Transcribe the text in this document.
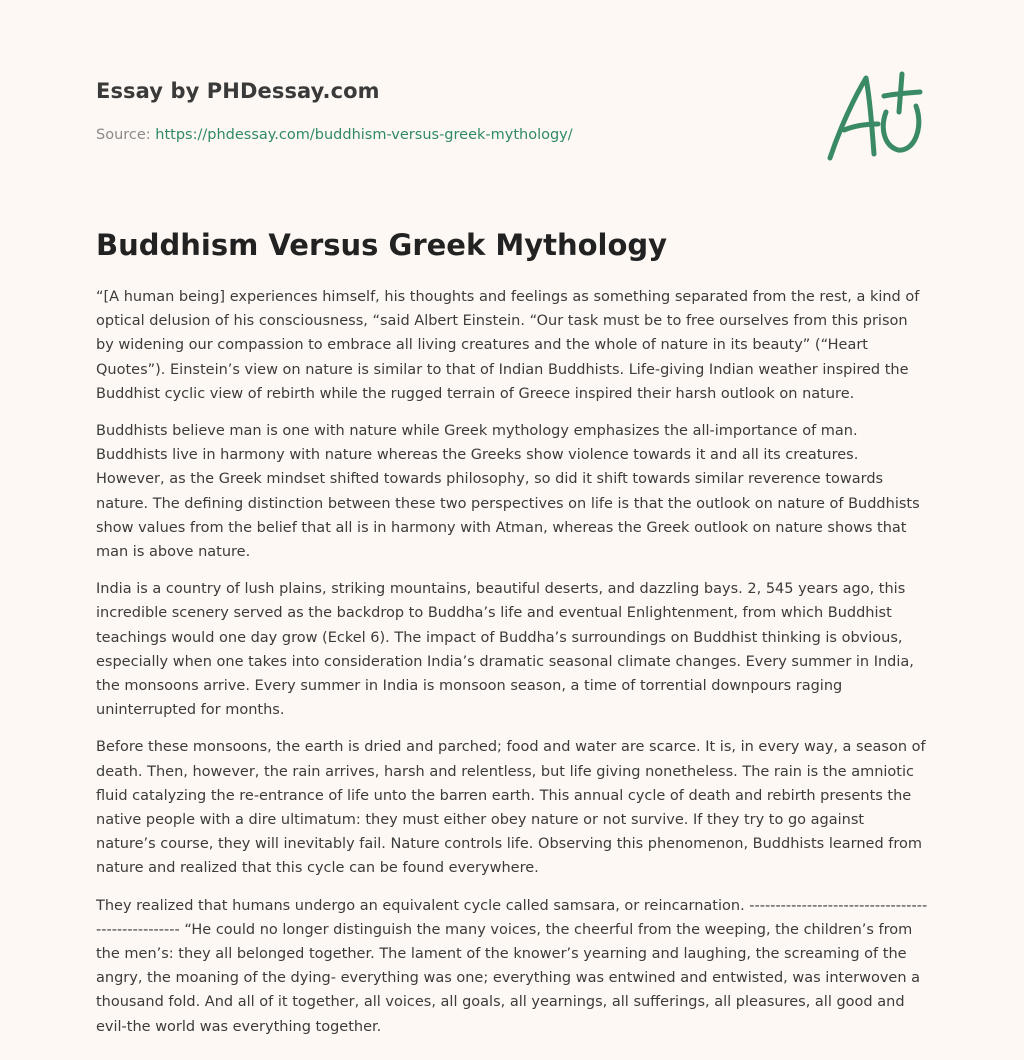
Essay by PHDessay.com
Source: https://phdessay.com/buddhism-versus-greek-mythology/
Buddhism Versus Greek Mythology

“[A human being] experiences himself, his thoughts and feelings as something separated from the rest, a kind of optical delusion of his consciousness, “said Albert Einstein. “Our task must be to free ourselves from this prison by widening our compassion to embrace all living creatures and the whole of nature in its beauty” (“Heart Quotes”). Einstein’s view on nature is similar to that of Indian Buddhists. Life-giving Indian weather inspired the Buddhist cyclic view of rebirth while the rugged terrain of Greece inspired their harsh outlook on nature.

Buddhists believe man is one with nature while Greek mythology emphasizes the all-importance of man. Buddhists live in harmony with nature whereas the Greeks show violence towards it and all its creatures. However, as the Greek mindset shifted towards philosophy, so did it shift towards similar reverence towards nature. The defining distinction between these two perspectives on life is that the outlook on nature of Buddhists show values from the belief that all is in harmony with Atman, whereas the Greek outlook on nature shows that man is above nature.

India is a country of lush plains, striking mountains, beautiful deserts, and dazzling bays. 2, 545 years ago, this incredible scenery served as the backdrop to Buddha’s life and eventual Enlightenment, from which Buddhist teachings would one day grow (Eckel 6). The impact of Buddha’s surroundings on Buddhist thinking is obvious, especially when one takes into consideration India’s dramatic seasonal climate changes. Every summer in India, the monsoons arrive. Every summer in India is monsoon season, a time of torrential downpours raging uninterrupted for months.

Before these monsoons, the earth is dried and parched; food and water are scarce. It is, in every way, a season of death. Then, however, the rain arrives, harsh and relentless, but life giving nonetheless. The rain is the amniotic fluid catalyzing the re-entrance of life unto the barren earth. This annual cycle of death and rebirth presents the native people with a dire ultimatum: they must either obey nature or not survive. If they try to go against nature’s course, they will inevitably fail. Nature controls life. Observing this phenomenon, Buddhists learned from nature and realized that this cycle can be found everywhere.

They realized that humans undergo an equivalent cycle called samsara, or reincarnation. -------------------------------------------------- “He could no longer distinguish the many voices, the cheerful from the weeping, the children’s from the men’s: they all belonged together. The lament of the knower’s yearning and laughing, the screaming of the angry, the moaning of the dying- everything was one; everything was entwined and entwisted, was interwoven a thousand fold. And all of it together, all voices, all goals, all yearnings, all sufferings, all pleasures, all good and evil-the world was everything together.
